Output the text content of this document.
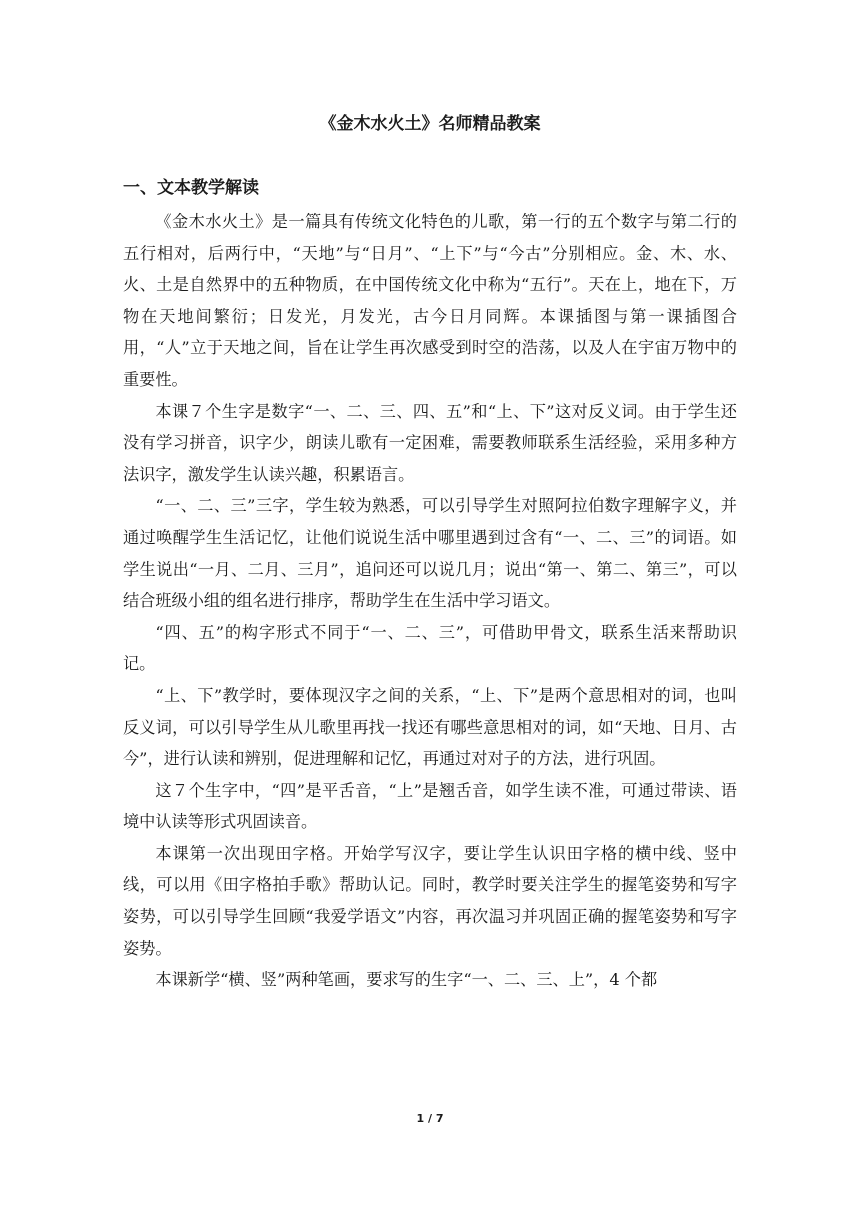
《金木水火土》名师精品教案
一、文本教学解读

《金木水火土》是一篇具有传统文化特色的儿歌，第一行的五个数字与第二行的五行相对，后两行中，“天地”与“日月”、“上下”与“今古”分别相应。金、木、水、火、土是自然界中的五种物质，在中国传统文化中称为“五行”。天在上，地在下，万物在天地间繁衍；日发光，月发光，古今日月同辉。本课插图与第一课插图合用，“人”立于天地之间，旨在让学生再次感受到时空的浩荡，以及人在宇宙万物中的重要性。

本课７个生字是数字“一、二、三、四、五”和“上、下”这对反义词。由于学生还没有学习拼音，识字少，朗读儿歌有一定困难，需要教师联系生活经验，采用多种方法识字，激发学生认读兴趣，积累语言。

“一、二、三”三字，学生较为熟悉，可以引导学生对照阿拉伯数字理解字义，并通过唤醒学生生活记忆，让他们说说生活中哪里遇到过含有“一、二、三”的词语。如学生说出“一月、二月、三月”，追问还可以说几月；说出“第一、第二、第三”，可以结合班级小组的组名进行排序，帮助学生在生活中学习语文。

“四、五”的构字形式不同于“一、二、三”，可借助甲骨文，联系生活来帮助识记。

“上、下”教学时，要体现汉字之间的关系，“上、下”是两个意思相对的词，也叫反义词，可以引导学生从儿歌里再找一找还有哪些意思相对的词，如“天地、日月、古今”，进行认读和辨别，促进理解和记忆，再通过对对子的方法，进行巩固。

这７个生字中，“四”是平舌音，“上”是翘舌音，如学生读不准，可通过带读、语境中认读等形式巩固读音。

本课第一次出现田字格。开始学写汉字，要让学生认识田字格的横中线、竖中线，可以用《田字格拍手歌》帮助认记。同时，教学时要关注学生的握笔姿势和写字姿势，可以引导学生回顾“我爱学语文”内容，再次温习并巩固正确的握笔姿势和写字姿势。

本课新学“横、竖”两种笔画，要求写的生字“一、二、三、上”，4 个都

1 / 7
